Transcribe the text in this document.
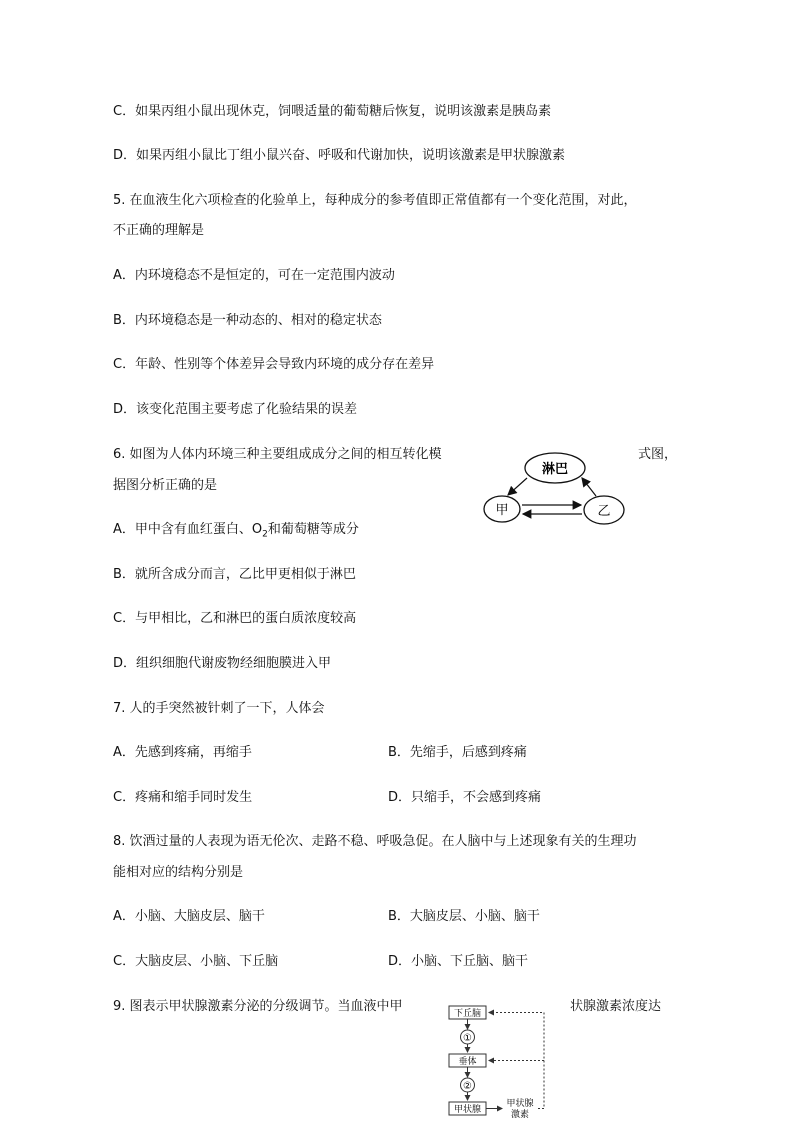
C．如果丙组小鼠出现休克，饲喂适量的葡萄糖后恢复，说明该激素是胰岛素
D．如果丙组小鼠比丁组小鼠兴奋、呼吸和代谢加快，说明该激素是甲状腺激素
5. 在血液生化六项检查的化验单上，每种成分的参考值即正常值都有一个变化范围，对此，
不正确的理解是
A．内环境稳态不是恒定的，可在一定范围内波动
B．内环境稳态是一种动态的、相对的稳定状态
C．年龄、性别等个体差异会导致内环境的成分存在差异
D．该变化范围主要考虑了化验结果的误差
6. 如图为人体内环境三种主要组成成分之间的相互转化模	式图，
据图分析正确的是
淋巴
甲	乙
A．甲中含有血红蛋白、$O_2$和葡萄糖等成分
B．就所含成分而言，乙比甲更相似于淋巴
C．与甲相比，乙和淋巴的蛋白质浓度较高
D．组织细胞代谢废物经细胞膜进入甲
7. 人的手突然被针刺了一下，人体会
A．先感到疼痛，再缩手	B．先缩手，后感到疼痛
C．疼痛和缩手同时发生	D．只缩手，不会感到疼痛
8. 饮酒过量的人表现为语无伦次、走路不稳、呼吸急促。在人脑中与上述现象有关的生理功
能相对应的结构分别是
A．小脑、大脑皮层、脑干	B．大脑皮层、小脑、脑干
C．大脑皮层、小脑、下丘脑	D．小脑、下丘脑、脑干
9. 图表示甲状腺激素分泌的分级调节。当血液中甲	状腺激素浓度达
下丘脑
①
垂体
②
甲状腺
甲状腺
激素
